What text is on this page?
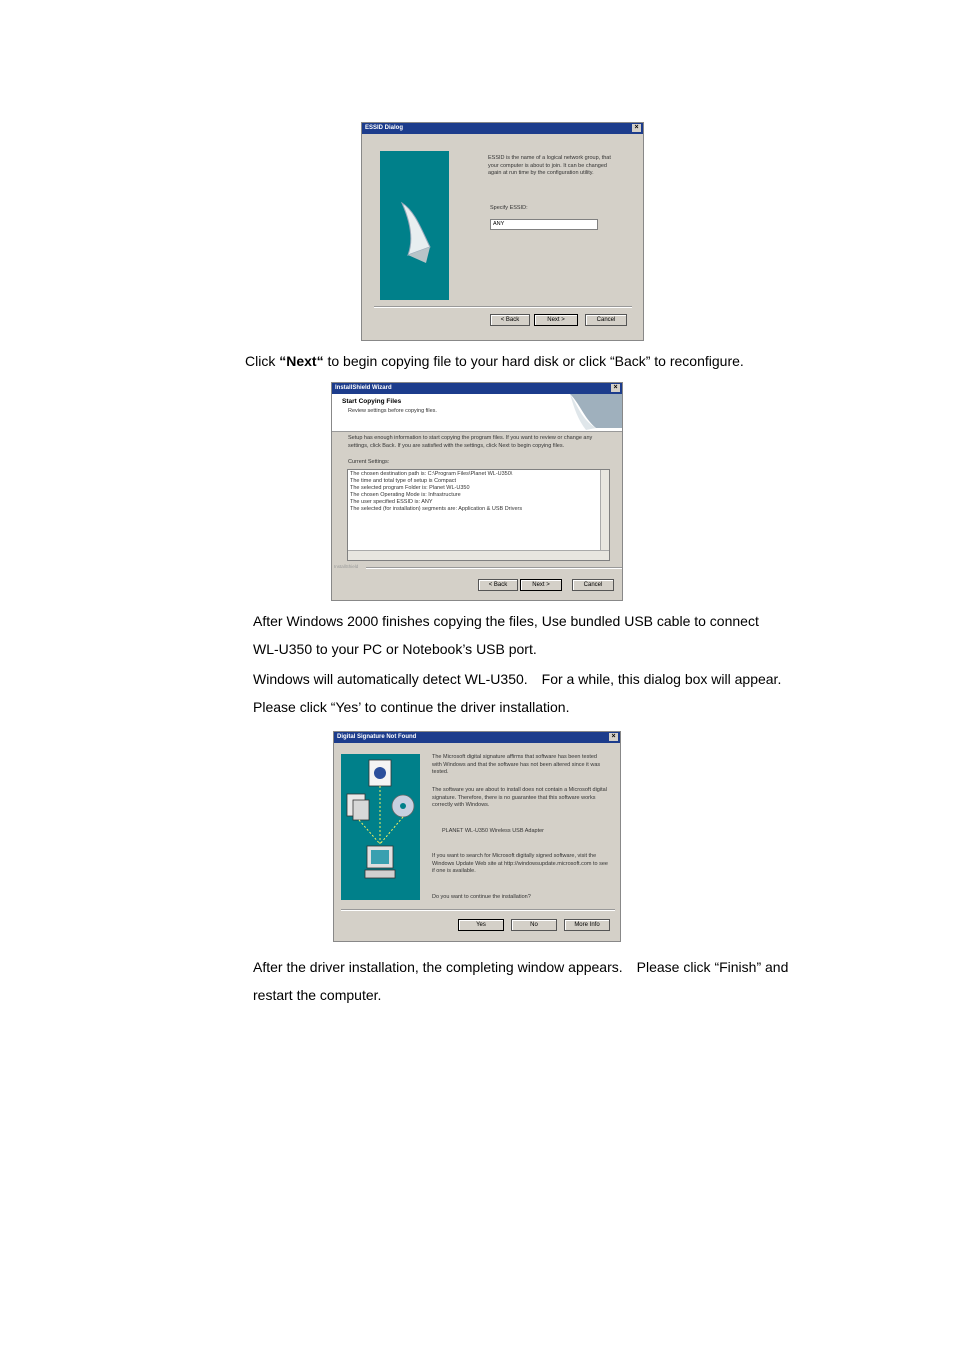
ESSID Dialog	×
ESSID is the name of a logical network group, that your computer is about to join. It can be changed again at run time by the configuration utility.
Specify ESSID:
ANY
< Back	Next >	Cancel
Click “Next“ to begin copying file to your hard disk or click “Back” to reconfigure.
InstallShield Wizard	×
Start Copying Files
Review settings before copying files.
Setup has enough information to start copying the program files. If you want to review or change any settings, click Back. If you are satisfied with the settings, click Next to begin copying files.
Current Settings:
The chosen destination path is: C:\Program Files\Planet WL-U350\
The time and total type of setup is Compact
The selected program Folder is: Planet WL-U350
The chosen Operating Mode is: Infrastructure
The user specified ESSID is: ANY
The selected (for installation) segments are: Application & USB Drivers
InstallShield
< Back	Next >	Cancel
After Windows 2000 finishes copying the files, Use bundled USB cable to connect
WL-U350 to your PC or Notebook’s USB port.
Windows will automatically detect WL-U350.　For a while, this dialog box will appear.
Please click “Yes’ to continue the driver installation.
Digital Signature Not Found	×
The Microsoft digital signature affirms that software has been tested with Windows and that the software has not been altered since it was tested.
The software you are about to install does not contain a Microsoft digital signature. Therefore, there is no guarantee that this software works correctly with Windows.
PLANET WL-U350 Wireless USB Adapter
If you want to search for Microsoft digitally signed software, visit the Windows Update Web site at http://windowsupdate.microsoft.com to see if one is available.
Do you want to continue the installation?
Yes	No	More Info
After the driver installation, the completing window appears.　Please click “Finish” and
restart the computer.
